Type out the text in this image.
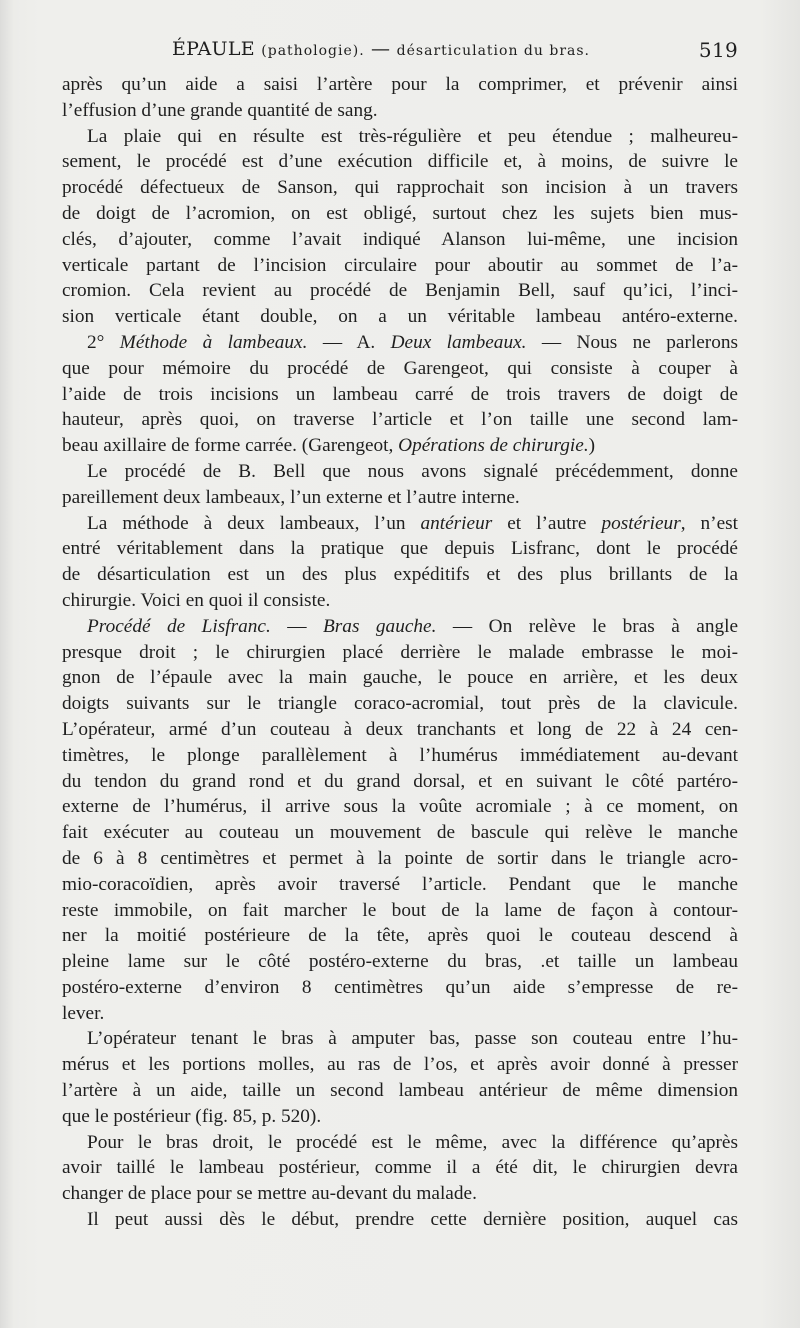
ÉPAULE (pathologie). — désarticulation du bras.	519

après qu’un aide a saisi l’artère pour la comprimer, et prévenir ainsi
l’effusion d’une grande quantité de sang.

La plaie qui en résulte est très-régulière et peu étendue ; malheureu-

sement, le procédé est d’une exécution difficile et, à moins, de suivre le
procédé défectueux de Sanson, qui rapprochait son incision à un travers
de doigt de l’acromion, on est obligé, surtout chez les sujets bien mus-
clés, d’ajouter, comme l’avait indiqué Alanson lui-même, une incision
verticale partant de l’incision circulaire pour aboutir au sommet de l’a-
cromion. Cela revient au procédé de Benjamin Bell, sauf qu’ici, l’inci-
sion verticale étant double, on a un véritable lambeau antéro-externe.

2° Méthode à lambeaux. — A. Deux lambeaux. — Nous ne parlerons

que pour mémoire du procédé de Garengeot, qui consiste à couper à
l’aide de trois incisions un lambeau carré de trois travers de doigt de
hauteur, après quoi, on traverse l’article et l’on taille une second lam-
beau axillaire de forme carrée. (Garengeot, Opérations de chirurgie.)

Le procédé de B. Bell que nous avons signalé précédemment, donne

pareillement deux lambeaux, l’un externe et l’autre interne.

La méthode à deux lambeaux, l’un antérieur et l’autre postérieur, n’est

entré véritablement dans la pratique que depuis Lisfranc, dont le procédé
de désarticulation est un des plus expéditifs et des plus brillants de la
chirurgie. Voici en quoi il consiste.

Procédé de Lisfranc. — Bras gauche. — On relève le bras à angle

presque droit ; le chirurgien placé derrière le malade embrasse le moi-
gnon de l’épaule avec la main gauche, le pouce en arrière, et les deux
doigts suivants sur le triangle coraco-acromial, tout près de la clavicule.
L’opérateur, armé d’un couteau à deux tranchants et long de 22 à 24 cen-
timètres, le plonge parallèlement à l’humérus immédiatement au-devant
du tendon du grand rond et du grand dorsal, et en suivant le côté partéro-
externe de l’humérus, il arrive sous la voûte acromiale ; à ce moment, on
fait exécuter au couteau un mouvement de bascule qui relève le manche
de 6 à 8 centimètres et permet à la pointe de sortir dans le triangle acro-
mio-coracoïdien, après avoir traversé l’article. Pendant que le manche
reste immobile, on fait marcher le bout de la lame de façon à contour-
ner la moitié postérieure de la tête, après quoi le couteau descend à
pleine lame sur le côté postéro-externe du bras, .et taille un lambeau
postéro-externe d’environ 8 centimètres qu’un aide s’empresse de re-
lever.

L’opérateur tenant le bras à amputer bas, passe son couteau entre l’hu-

mérus et les portions molles, au ras de l’os, et après avoir donné à presser
l’artère à un aide, taille un second lambeau antérieur de même dimension
que le postérieur (fig. 85, p. 520).

Pour le bras droit, le procédé est le même, avec la différence qu’après

avoir taillé le lambeau postérieur, comme il a été dit, le chirurgien devra
changer de place pour se mettre au-devant du malade.

Il peut aussi dès le début, prendre cette dernière position, auquel cas
